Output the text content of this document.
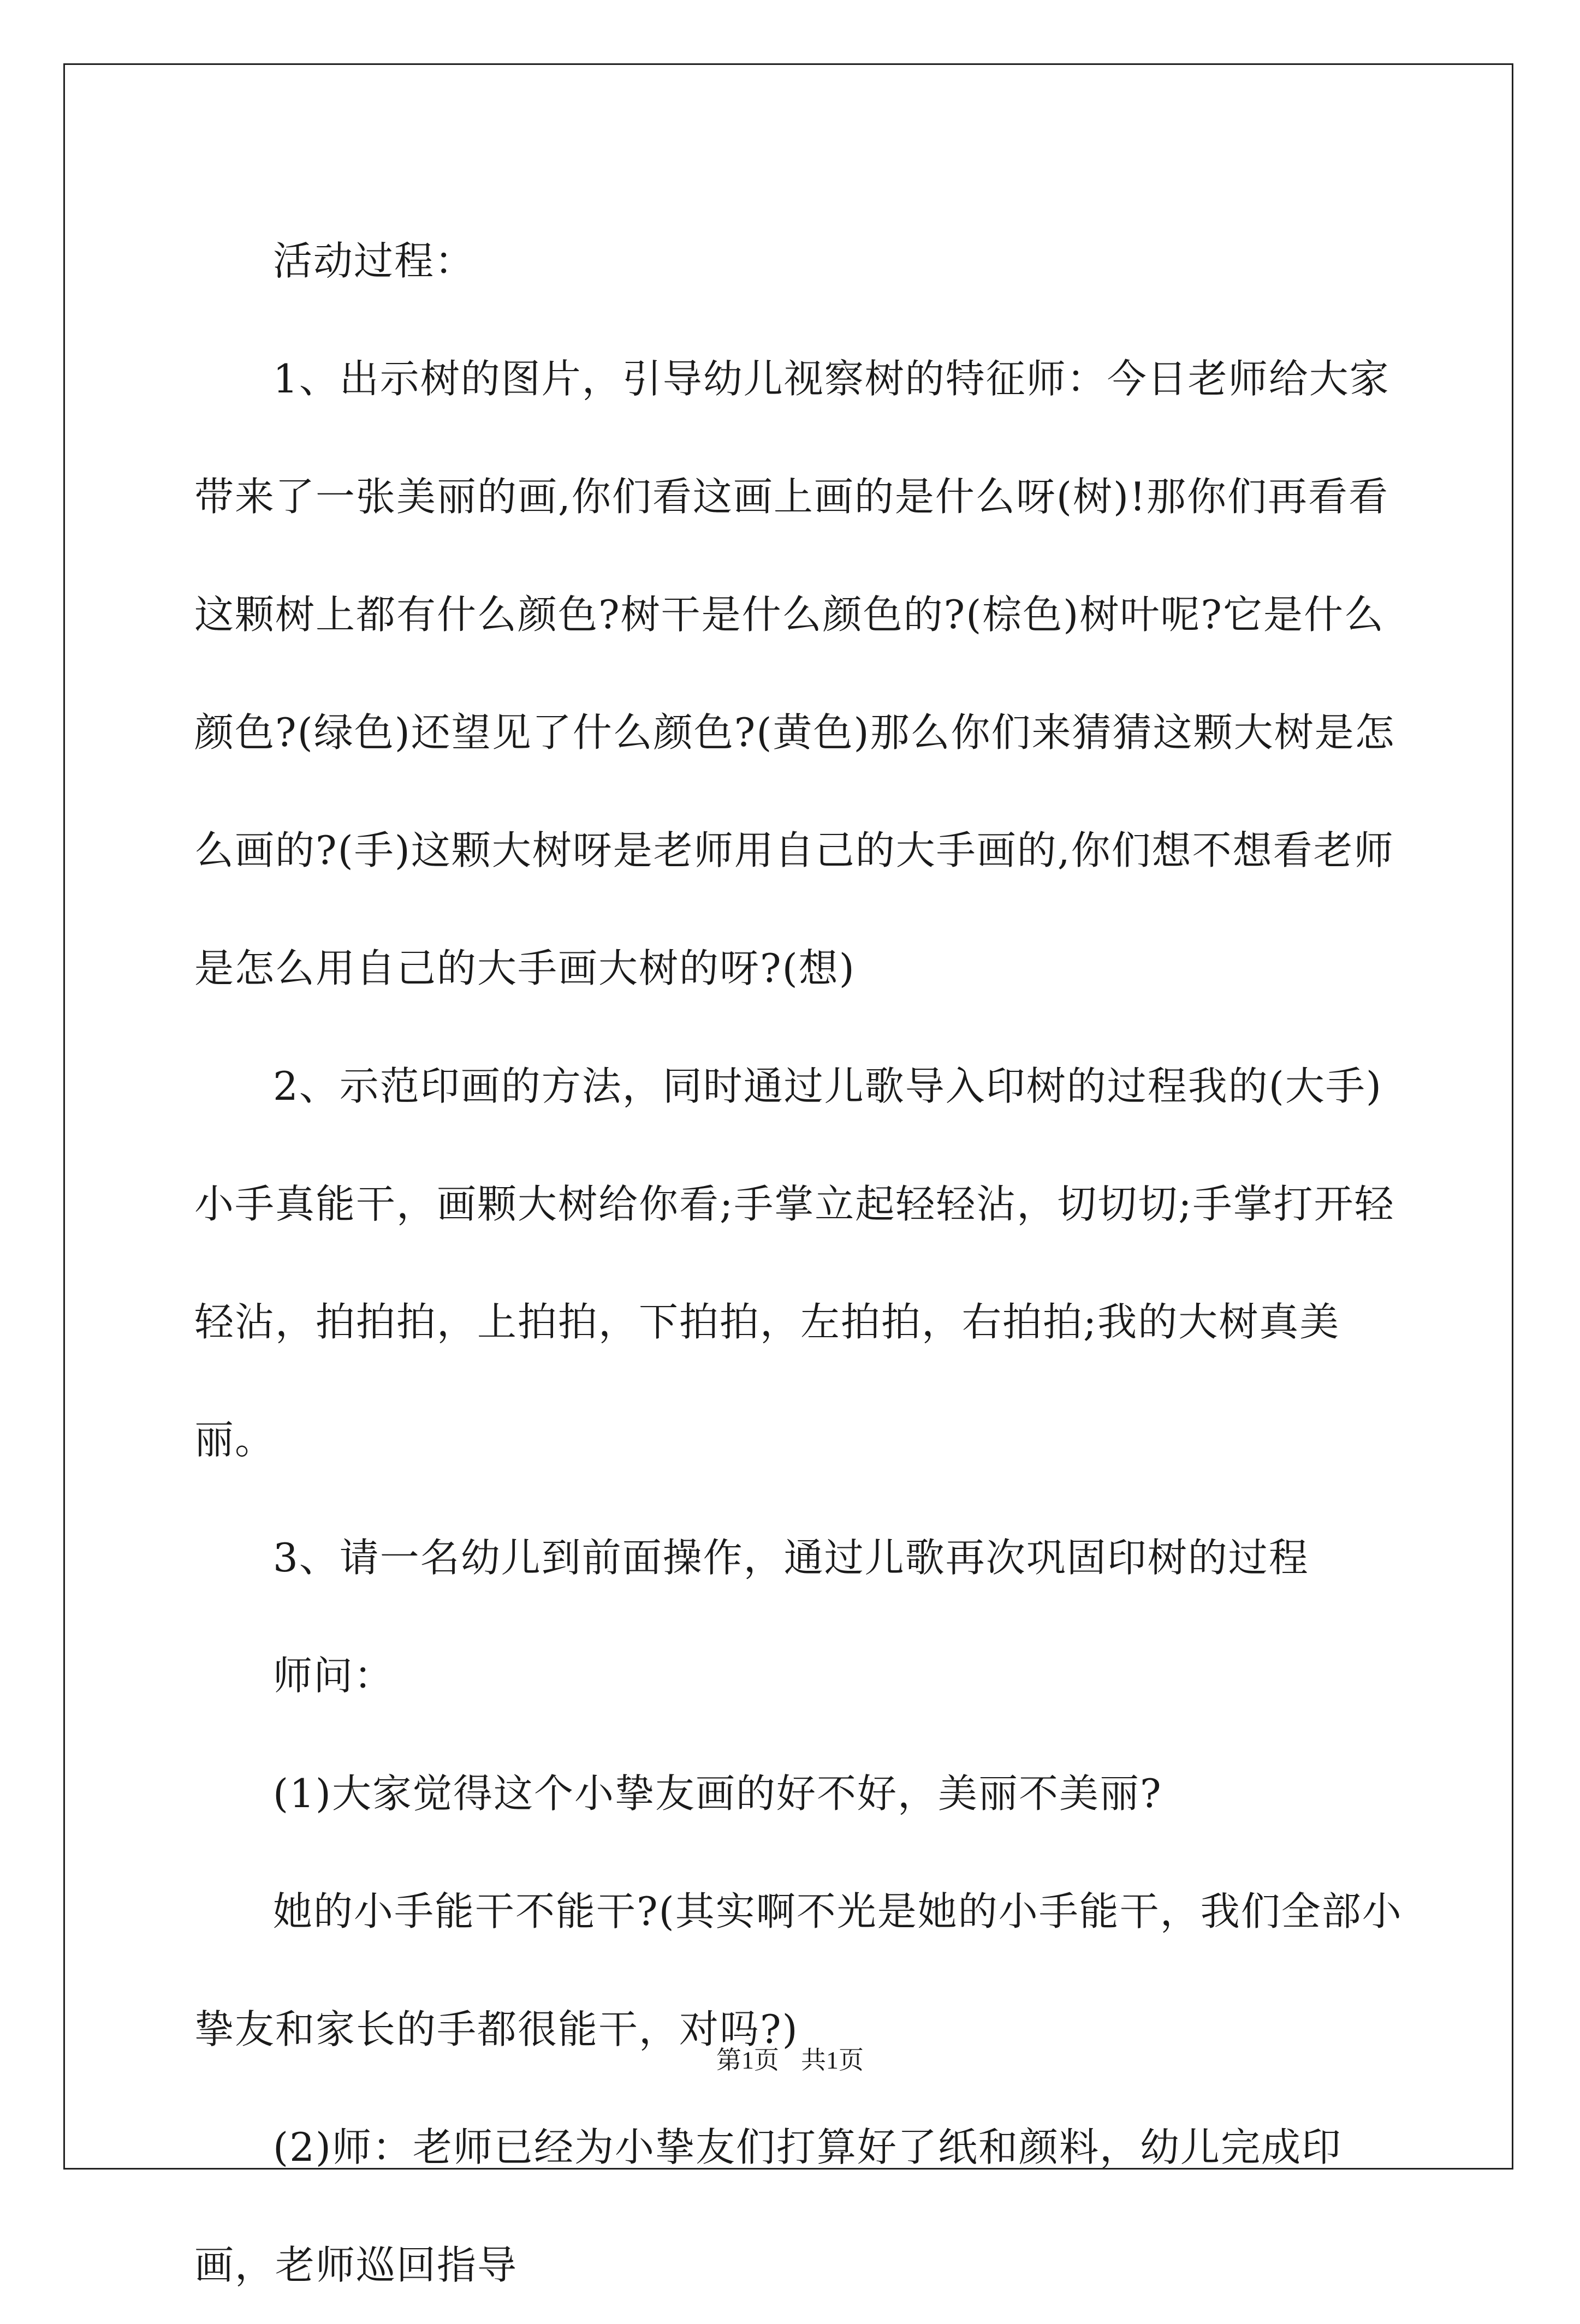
活动过程：

1、出示树的图片，引导幼儿视察树的特征师：今日老师给大家带来了一张美丽的画,你们看这画上画的是什么呀(树)!那你们再看看这颗树上都有什么颜色?树干是什么颜色的?(棕色)树叶呢?它是什么颜色?(绿色)还望见了什么颜色?(黄色)那么你们来猜猜这颗大树是怎么画的?(手)这颗大树呀是老师用自己的大手画的,你们想不想看老师是怎么用自己的大手画大树的呀?(想)

2、示范印画的方法，同时通过儿歌导入印树的过程我的(大手)小手真能干，画颗大树给你看;手掌立起轻轻沾，切切切;手掌打开轻轻沾，拍拍拍，上拍拍，下拍拍，左拍拍，右拍拍;我的大树真美丽。

3、请一名幼儿到前面操作，通过儿歌再次巩固印树的过程

师问：

(1)大家觉得这个小挚友画的好不好，美丽不美丽?

她的小手能干不能干?(其实啊不光是她的小手能干，我们全部小挚友和家长的手都很能干，对吗?)

(2)师：老师已经为小挚友们打算好了纸和颜料，幼儿完成印画，老师巡回指导

第1页 共1页
